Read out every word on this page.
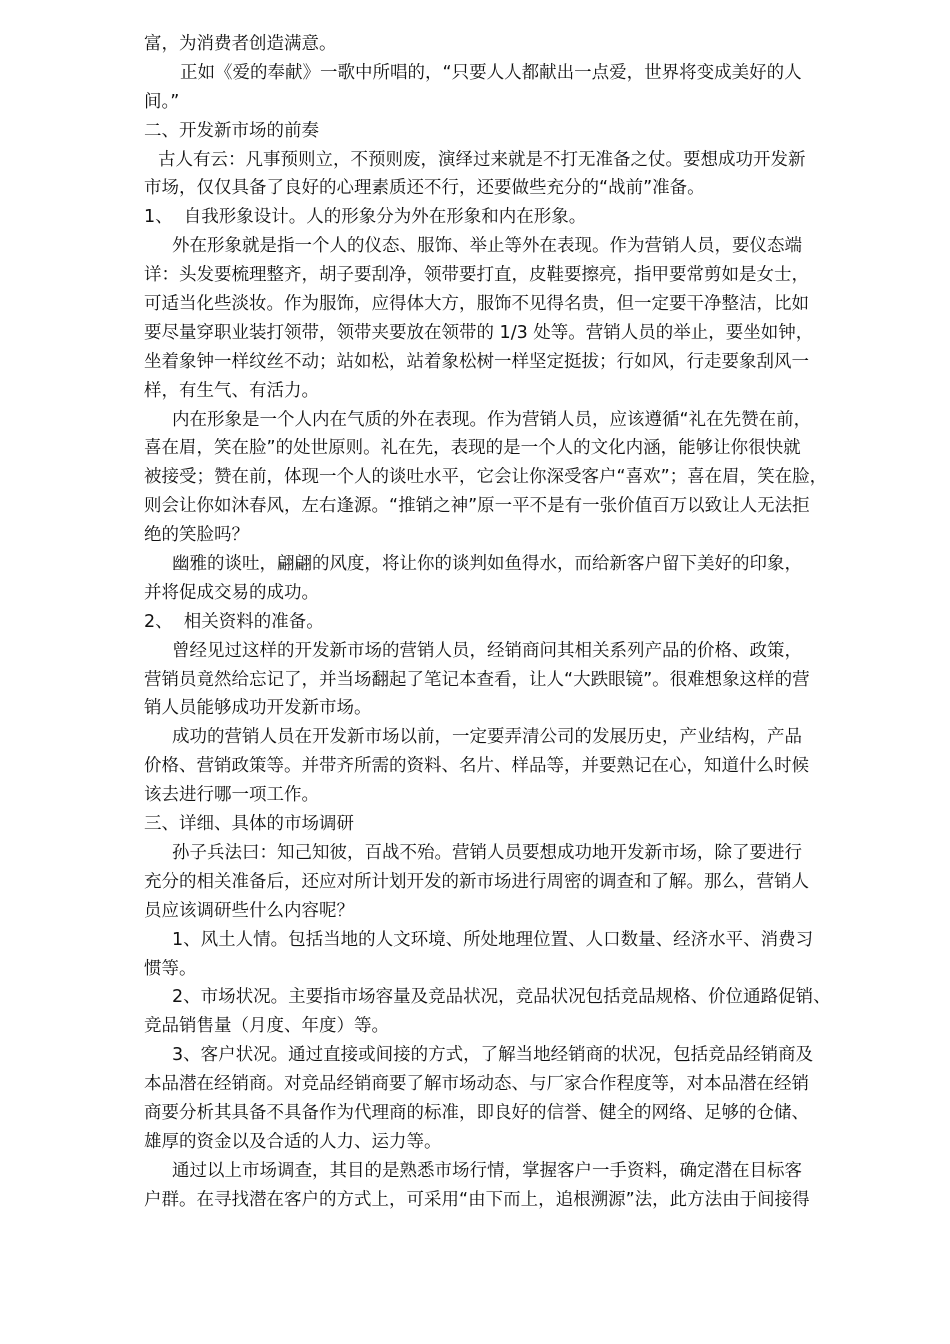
富，为消费者创造满意。
正如《爱的奉献》一歌中所唱的，“只要人人都献出一点爱，世界将变成美好的人
间。”
二、开发新市场的前奏
古人有云：凡事预则立，不预则废，演绎过来就是不打无准备之仗。要想成功开发新
市场，仅仅具备了良好的心理素质还不行，还要做些充分的“战前”准备。
1、  自我形象设计。人的形象分为外在形象和内在形象。
外在形象就是指一个人的仪态、服饰、举止等外在表现。作为营销人员，要仪态端
详：头发要梳理整齐，胡子要刮净，领带要打直，皮鞋要擦亮，指甲要常剪如是女士，
可适当化些淡妆。作为服饰，应得体大方，服饰不见得名贵，但一定要干净整洁，比如
要尽量穿职业装打领带，领带夹要放在领带的 1/3 处等。营销人员的举止，要坐如钟，
坐着象钟一样纹丝不动；站如松，站着象松树一样坚定挺拔；行如风，行走要象刮风一
样，有生气、有活力。
内在形象是一个人内在气质的外在表现。作为营销人员，应该遵循“礼在先赞在前，
喜在眉，笑在脸”的处世原则。礼在先，表现的是一个人的文化内涵，能够让你很快就
被接受；赞在前，体现一个人的谈吐水平，它会让你深受客户“喜欢”；喜在眉，笑在脸，
则会让你如沐春风，左右逢源。“推销之神”原一平不是有一张价值百万以致让人无法拒
绝的笑脸吗？
幽雅的谈吐，翩翩的风度，将让你的谈判如鱼得水，而给新客户留下美好的印象，
并将促成交易的成功。
2、  相关资料的准备。
曾经见过这样的开发新市场的营销人员，经销商问其相关系列产品的价格、政策，
营销员竟然给忘记了，并当场翻起了笔记本查看，让人“大跌眼镜”。很难想象这样的营
销人员能够成功开发新市场。
成功的营销人员在开发新市场以前，一定要弄清公司的发展历史，产业结构，产品
价格、营销政策等。并带齐所需的资料、名片、样品等，并要熟记在心，知道什么时候
该去进行哪一项工作。
三、详细、具体的市场调研
孙子兵法曰：知己知彼，百战不殆。营销人员要想成功地开发新市场，除了要进行
充分的相关准备后，还应对所计划开发的新市场进行周密的调查和了解。那么，营销人
员应该调研些什么内容呢？
1、风土人情。包括当地的人文环境、所处地理位置、人口数量、经济水平、消费习
惯等。
2、市场状况。主要指市场容量及竞品状况，竞品状况包括竞品规格、价位通路促销、
竞品销售量（月度、年度）等。
3、客户状况。通过直接或间接的方式，了解当地经销商的状况，包括竞品经销商及
本品潜在经销商。对竞品经销商要了解市场动态、与厂家合作程度等，对本品潜在经销
商要分析其具备不具备作为代理商的标准，即良好的信誉、健全的网络、足够的仓储、
雄厚的资金以及合适的人力、运力等。
通过以上市场调查，其目的是熟悉市场行情，掌握客户一手资料，确定潜在目标客
户群。在寻找潜在客户的方式上，可采用“由下而上，追根溯源”法，此方法由于间接得
